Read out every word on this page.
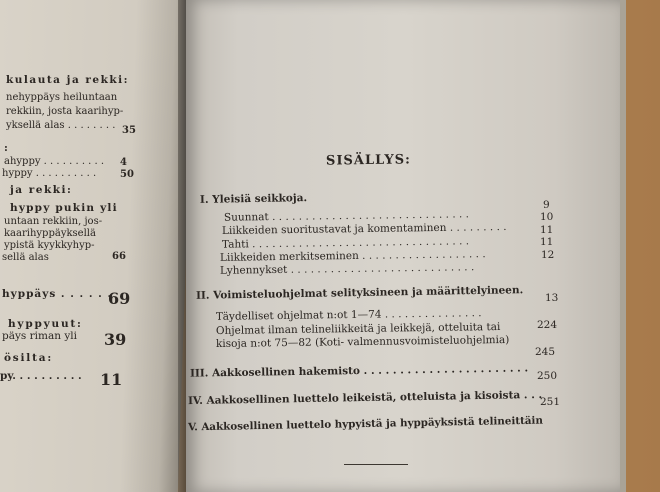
kulauta ja rekki:
nehyppäys heiluntaan
rekkiin, josta kaarihyp-
yksellä alas . . . . . . . .
:
ahyppy . . . . . . . . . .
hyppy . . . . . . . . . .
ja rekki:
hyppy pukin yli
untaan rekkiin, jos-
kaarihyppäyksellä
ypistä kyykkyhyp-
sellä alas
hyppäys . . . . . .
hyppyuut:
päys riman yli
ösilta:
py. . . . . . . . . .
35
4
50
66
69
39
11
SISÄLLYS:
I. Yleisiä seikkoja.
Suunnat . . . . . . . . . . . . . . . . . . . . . . . . . . . . . .
9
Liikkeiden suoritustavat ja komentaminen . . . . . . . . .
10
Tahti . . . . . . . . . . . . . . . . . . . . . . . . . . . . . . . . .
11
Liikkeiden merkitseminen . . . . . . . . . . . . . . . . . . .
11
Lyhennykset . . . . . . . . . . . . . . . . . . . . . . . . . . . .
12
II. Voimisteluohjelmat selityksineen ja määrittelyineen.
Täydelliset ohjelmat n:ot 1—74 . . . . . . . . . . . . . . .
13
Ohjelmat ilman telineliikkeitä ja leikkejä, otteluita tai
kisoja n:ot 75—82 (Koti- valmennusvoimisteluohjelmia)
224
245
III. Aakkosellinen hakemisto . . . . . . . . . . . . . . . . . . . . . . .
IV. Aakkosellinen luettelo leikeistä, otteluista ja kisoista . . .
250
V. Aakkosellinen luettelo hypyistä ja hyppäyksistä telineittäin
251
